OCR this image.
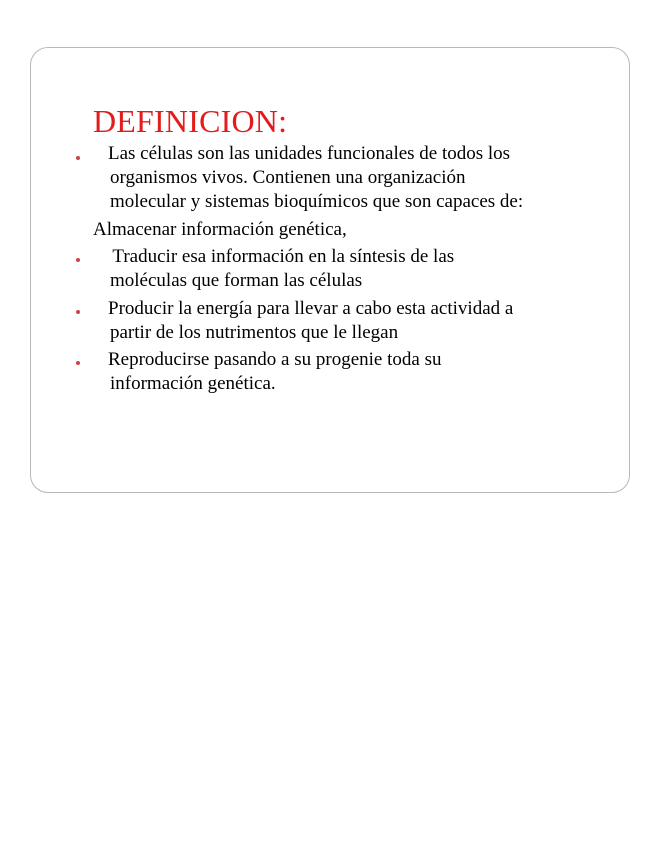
DEFINICION:
Las células son las unidades funcionales de todos los
organismos vivos. Contienen una organización
molecular y sistemas bioquímicos que son capaces de:
Almacenar información genética,
Traducir esa información en la síntesis de las
moléculas que forman las células
Producir la energía para llevar a cabo esta actividad a
partir de los nutrimentos que le llegan
Reproducirse pasando a su progenie toda su
información genética.
